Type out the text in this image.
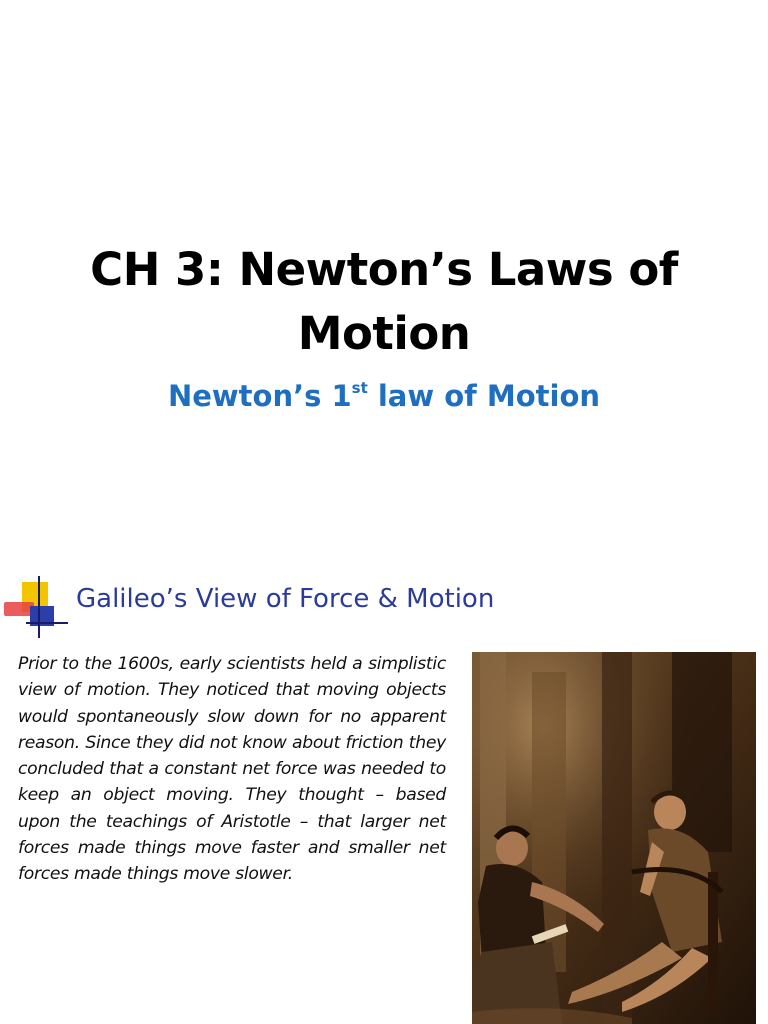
CH 3: Newton’s Laws of Motion
Newton’s 1st law of Motion
Galileo’s View of Force & Motion
Prior to the 1600s, early scientists held a simplistic view of motion. They noticed that moving objects would spontaneously slow down for no apparent reason. Since they did not know about friction they concluded that a constant net force was needed to keep an object moving. They thought – based upon the teachings of Aristotle – that larger net forces made things move faster and smaller net forces made things move slower.
